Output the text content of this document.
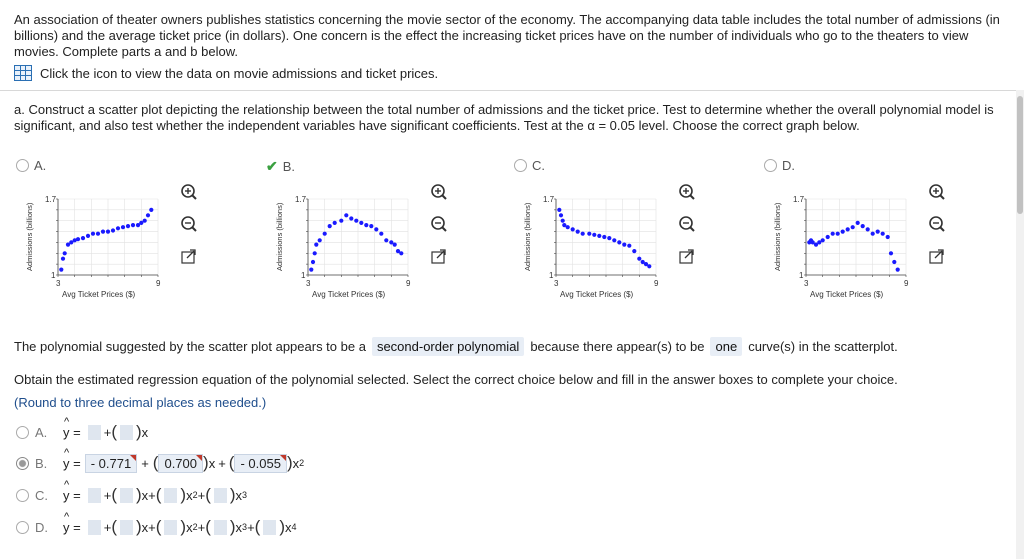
An association of theater owners publishes statistics concerning the movie sector of the economy. The accompanying data table includes the total number of admissions (in billions) and the average ticket price (in dollars). One concern is the effect the increasing ticket prices have on the number of individuals who go to the theaters to view movies. Complete parts a and b below.
Click the icon to view the data on movie admissions and ticket prices.
a. Construct a scatter plot depicting the relationship between the total number of admissions and the ticket price. Test to determine whether the overall polynomial model is significant, and also test whether the independent variables have significant coefficients. Test at the α = 0.05 level. Choose the correct graph below.
A.	✔ B.	C.	D.
Admissions (billions)
1.7
1
3	9
Avg Ticket Prices ($)
Admissions (billions)
1.7
1
3	9
Avg Ticket Prices ($)
Admissions (billions)
1.7
1
3	9
Avg Ticket Prices ($)
Admissions (billions)
1.7
1
3	9
Avg Ticket Prices ($)
The polynomial suggested by the scatter plot appears to be a second-order polynomial because there appear(s) to be one curve(s) in the scatterplot.
Obtain the estimated regression equation of the polynomial selected. Select the correct choice below and fill in the answer boxes to complete your choice.
(Round to three decimal places as needed.)
A.	^ y = + ( ) x
B.	^ y = - 0.771 + ( 0.700 ) x + ( - 0.055 ) x 2
C.	^ y = + ( ) x + ( ) x 2 + ( ) x 3
D.	^ y = + ( ) x + ( ) x 2 + ( ) x 3 + ( ) x 4
